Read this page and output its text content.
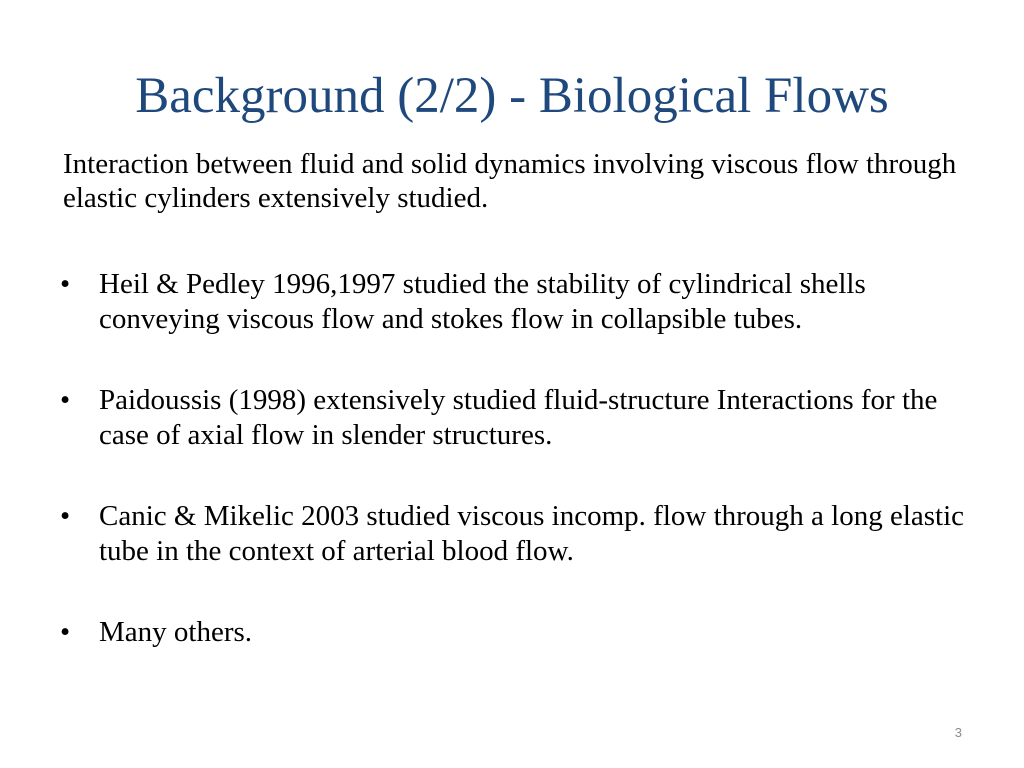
Background (2/2) - Biological Flows

Interaction between fluid and solid dynamics involving viscous flow through elastic cylinders extensively studied.

• Heil & Pedley 1996,1997 studied the stability of cylindrical shells conveying viscous flow and stokes flow in collapsible tubes.
• Paidoussis (1998) extensively studied fluid-structure Interactions for the case of axial flow in slender structures.
• Canic & Mikelic 2003 studied viscous incomp. flow through a long elastic tube in the context of arterial blood flow.
• Many others.
3
